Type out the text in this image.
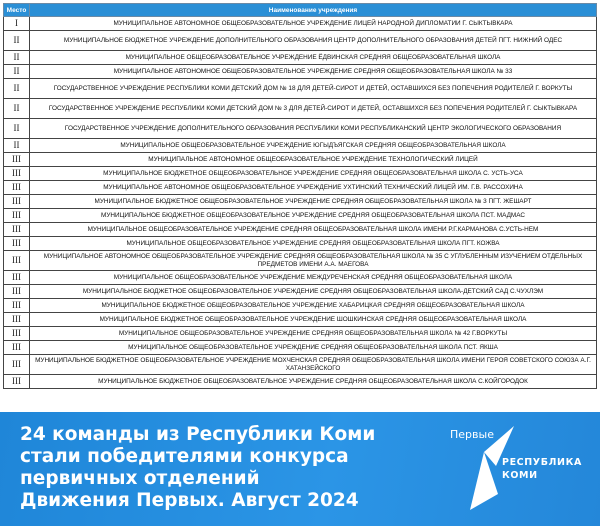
Место	Наименование учреждения
I	МУНИЦИПАЛЬНОЕ АВТОНОМНОЕ ОБЩЕОБРАЗОВАТЕЛЬНОЕ УЧРЕЖДЕНИЕ ЛИЦЕЙ НАРОДНОЙ ДИПЛОМАТИИ Г. СЫКТЫВКАРА
II	МУНИЦИПАЛЬНОЕ БЮДЖЕТНОЕ УЧРЕЖДЕНИЕ ДОПОЛНИТЕЛЬНОГО ОБРАЗОВАНИЯ ЦЕНТР ДОПОЛНИТЕЛЬНОГО ОБРАЗОВАНИЯ ДЕТЕЙ ПГТ. НИЖНИЙ ОДЕС
II	МУНИЦИПАЛЬНОЕ ОБЩЕОБРАЗОВАТЕЛЬНОЕ УЧРЕЖДЕНИЕ ЁДВИНСКАЯ СРЕДНЯЯ ОБЩЕОБРАЗОВАТЕЛЬНАЯ ШКОЛА
II	МУНИЦИПАЛЬНОЕ АВТОНОМНОЕ ОБЩЕОБРАЗОВАТЕЛЬНОЕ УЧРЕЖДЕНИЕ СРЕДНЯЯ ОБЩЕОБРАЗОВАТЕЛЬНАЯ ШКОЛА № 33
II	ГОСУДАРСТВЕННОЕ УЧРЕЖДЕНИЕ РЕСПУБЛИКИ КОМИ ДЕТСКИЙ ДОМ № 18 ДЛЯ ДЕТЕЙ-СИРОТ И ДЕТЕЙ, ОСТАВШИХСЯ БЕЗ ПОПЕЧЕНИЯ РОДИТЕЛЕЙ Г. ВОРКУТЫ
II	ГОСУДАРСТВЕННОЕ УЧРЕЖДЕНИЕ РЕСПУБЛИКИ КОМИ ДЕТСКИЙ ДОМ № 3 ДЛЯ ДЕТЕЙ-СИРОТ И ДЕТЕЙ, ОСТАВШИХСЯ БЕЗ ПОПЕЧЕНИЯ РОДИТЕЛЕЙ Г. СЫКТЫВКАРА
II	ГОСУДАРСТВЕННОЕ УЧРЕЖДЕНИЕ ДОПОЛНИТЕЛЬНОГО ОБРАЗОВАНИЯ РЕСПУБЛИКИ КОМИ РЕСПУБЛИКАНСКИЙ ЦЕНТР ЭКОЛОГИЧЕСКОГО ОБРАЗОВАНИЯ
II	МУНИЦИПАЛЬНОЕ ОБЩЕОБРАЗОВАТЕЛЬНОЕ УЧРЕЖДЕНИЕ ЮГЫДЪЯГСКАЯ СРЕДНЯЯ ОБЩЕОБРАЗОВАТЕЛЬНАЯ ШКОЛА
III	МУНИЦИПАЛЬНОЕ АВТОНОМНОЕ ОБЩЕОБРАЗОВАТЕЛЬНОЕ УЧРЕЖДЕНИЕ ТЕХНОЛОГИЧЕСКИЙ ЛИЦЕЙ
III	МУНИЦИПАЛЬНОЕ БЮДЖЕТНОЕ ОБЩЕОБРАЗОВАТЕЛЬНОЕ УЧРЕЖДЕНИЕ СРЕДНЯЯ ОБЩЕОБРАЗОВАТЕЛЬНАЯ ШКОЛА С. УСТЬ-УСА
III	МУНИЦИПАЛЬНОЕ АВТОНОМНОЕ ОБЩЕОБРАЗОВАТЕЛЬНОЕ УЧРЕЖДЕНИЕ УХТИНСКИЙ ТЕХНИЧЕСКИЙ ЛИЦЕЙ ИМ. Г.В. РАССОХИНА
III	МУНИЦИПАЛЬНОЕ БЮДЖЕТНОЕ ОБЩЕОБРАЗОВАТЕЛЬНОЕ УЧРЕЖДЕНИЕ СРЕДНЯЯ ОБЩЕОБРАЗОВАТЕЛЬНАЯ ШКОЛА № 3 ПГТ. ЖЕШАРТ
III	МУНИЦИПАЛЬНОЕ БЮДЖЕТНОЕ ОБЩЕОБРАЗОВАТЕЛЬНОЕ УЧРЕЖДЕНИЕ СРЕДНЯЯ ОБЩЕОБРАЗОВАТЕЛЬНАЯ ШКОЛА ПСТ. МАДМАС
III	МУНИЦИПАЛЬНОЕ ОБЩЕОБРАЗОВАТЕЛЬНОЕ УЧРЕЖДЕНИЕ СРЕДНЯЯ ОБЩЕОБРАЗОВАТЕЛЬНАЯ ШКОЛА ИМЕНИ Р.Г.КАРМАНОВА С.УСТЬ-НЕМ
III	МУНИЦИПАЛЬНОЕ ОБЩЕОБРАЗОВАТЕЛЬНОЕ УЧРЕЖДЕНИЕ СРЕДНЯЯ ОБЩЕОБРАЗОВАТЕЛЬНАЯ ШКОЛА ПГТ. КОЖВА
III	МУНИЦИПАЛЬНОЕ АВТОНОМНОЕ ОБЩЕОБРАЗОВАТЕЛЬНОЕ УЧРЕЖДЕНИЕ СРЕДНЯЯ ОБЩЕОБРАЗОВАТЕЛЬНАЯ ШКОЛА № 35 С УГЛУБЛЕННЫМ ИЗУЧЕНИЕМ ОТДЕЛЬНЫХ ПРЕДМЕТОВ ИМЕНИ А.А. МАЕГОВА
III	МУНИЦИПАЛЬНОЕ ОБЩЕОБРАЗОВАТЕЛЬНОЕ УЧРЕЖДЕНИЕ МЕЖДУРЕЧЕНСКАЯ СРЕДНЯЯ ОБЩЕОБРАЗОВАТЕЛЬНАЯ ШКОЛА
III	МУНИЦИПАЛЬНОЕ БЮДЖЕТНОЕ ОБЩЕОБРАЗОВАТЕЛЬНОЕ УЧРЕЖДЕНИЕ СРЕДНЯЯ ОБЩЕОБРАЗОВАТЕЛЬНАЯ ШКОЛА-ДЕТСКИЙ САД С.ЧУХЛЭМ
III	МУНИЦИПАЛЬНОЕ БЮДЖЕТНОЕ ОБЩЕОБРАЗОВАТЕЛЬНОЕ УЧРЕЖДЕНИЕ ХАБАРИЦКАЯ СРЕДНЯЯ ОБЩЕОБРАЗОВАТЕЛЬНАЯ ШКОЛА
III	МУНИЦИПАЛЬНОЕ БЮДЖЕТНОЕ ОБЩЕОБРАЗОВАТЕЛЬНОЕ УЧРЕЖДЕНИЕ ШОШКИНСКАЯ СРЕДНЯЯ ОБЩЕОБРАЗОВАТЕЛЬНАЯ ШКОЛА
III	МУНИЦИПАЛЬНОЕ ОБЩЕОБРАЗОВАТЕЛЬНОЕ УЧРЕЖДЕНИЕ СРЕДНЯЯ ОБЩЕОБРАЗОВАТЕЛЬНАЯ ШКОЛА № 42 Г.ВОРКУТЫ
III	МУНИЦИПАЛЬНОЕ ОБЩЕОБРАЗОВАТЕЛЬНОЕ УЧРЕЖДЕНИЕ СРЕДНЯЯ ОБЩЕОБРАЗОВАТЕЛЬНАЯ ШКОЛА ПСТ. ЯКША
III	МУНИЦИПАЛЬНОЕ БЮДЖЕТНОЕ ОБЩЕОБРАЗОВАТЕЛЬНОЕ УЧРЕЖДЕНИЕ МОХЧЕНСКАЯ СРЕДНЯЯ ОБЩЕОБРАЗОВАТЕЛЬНАЯ ШКОЛА ИМЕНИ ГЕРОЯ СОВЕТСКОГО СОЮЗА А.Г. ХАТАНЗЕЙСКОГО
III	МУНИЦИПАЛЬНОЕ БЮДЖЕТНОЕ ОБЩЕОБРАЗОВАТЕЛЬНОЕ УЧРЕЖДЕНИЕ СРЕДНЯЯ ОБЩЕОБРАЗОВАТЕЛЬНАЯ ШКОЛА С.КОЙГОРОДОК
24 команды из Республики Коми
стали победителями конкурса
первичных отделений
Движения Первых. Август 2024
Первые
РЕСПУБЛИКА
КОМИ
